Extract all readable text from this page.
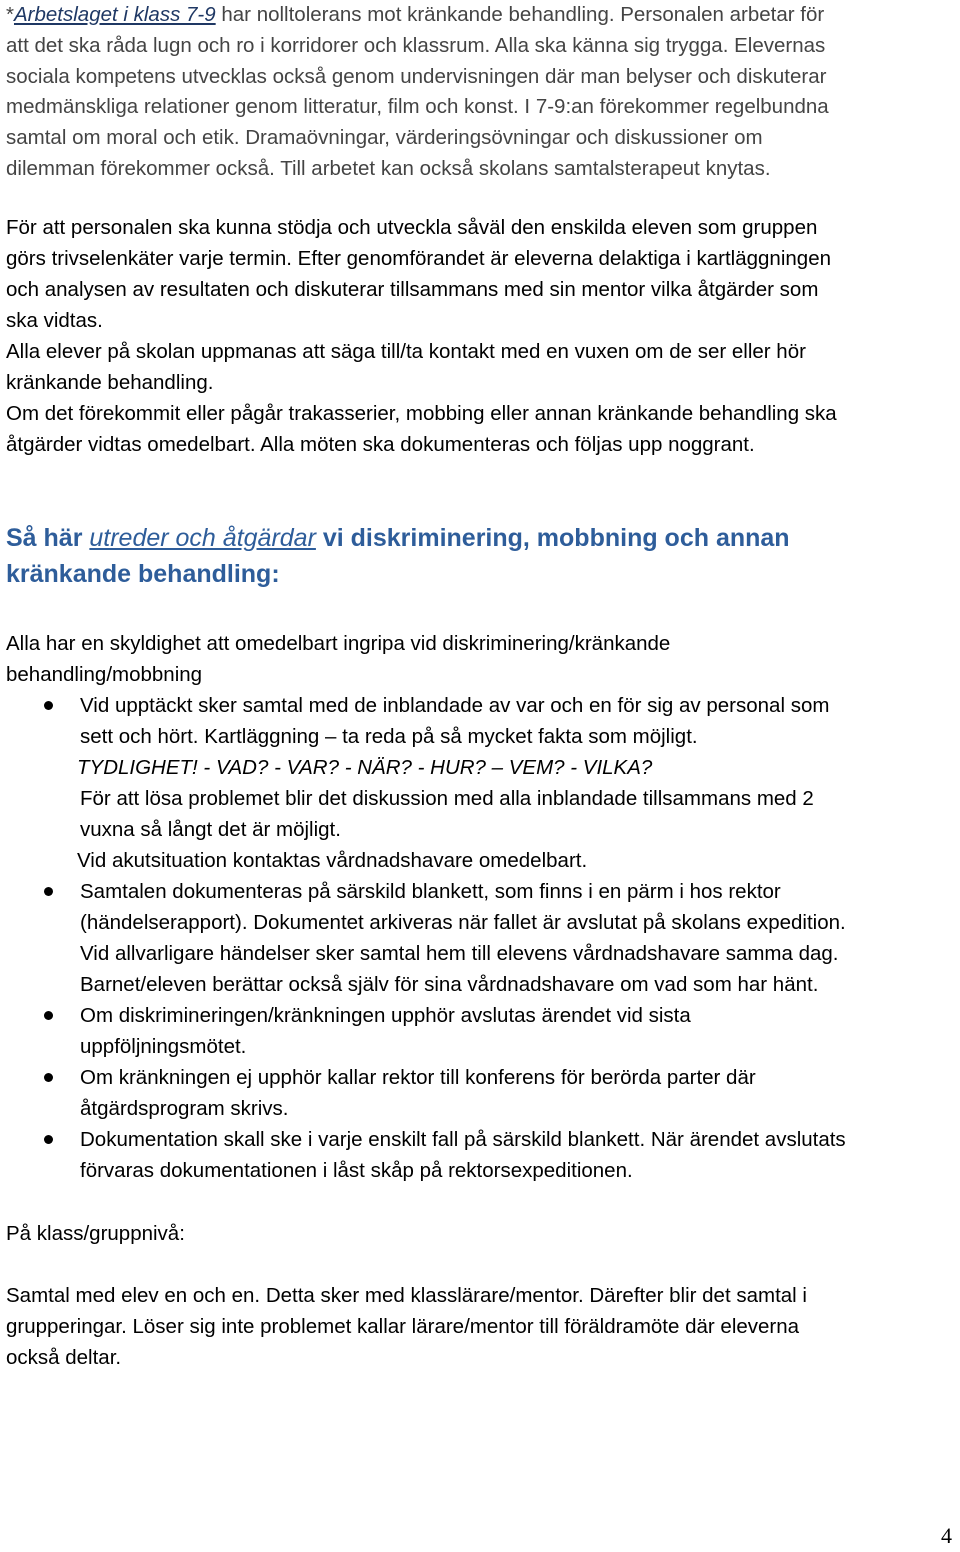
*Arbetslaget i klass 7-9 har nolltolerans mot kränkande behandling. Personalen arbetar för
att det ska råda lugn och ro i korridorer och klassrum. Alla ska känna sig trygga. Elevernas
sociala kompetens utvecklas också genom undervisningen där man belyser och diskuterar
medmänskliga relationer genom litteratur, film och konst. I 7-9:an förekommer regelbundna
samtal om moral och etik. Dramaövningar, värderingsövningar och diskussioner om
dilemman förekommer också. Till arbetet kan också skolans samtalsterapeut knytas.
För att personalen ska kunna stödja och utveckla såväl den enskilda eleven som gruppen
görs trivselenkäter varje termin. Efter genomförandet är eleverna delaktiga i kartläggningen
och analysen av resultaten och diskuterar tillsammans med sin mentor vilka åtgärder som
ska vidtas.
Alla elever på skolan uppmanas att säga till/ta kontakt med en vuxen om de ser eller hör
kränkande behandling.
Om det förekommit eller pågår trakasserier, mobbing eller annan kränkande behandling ska
åtgärder vidtas omedelbart. Alla möten ska dokumenteras och följas upp noggrant.
Så här utreder och åtgärdar vi diskriminering, mobbning och annan
kränkande behandling:
Alla har en skyldighet att omedelbart ingripa vid diskriminering/kränkande
behandling/mobbning
Vid upptäckt sker samtal med de inblandade av var och en för sig av personal som
sett och hört. Kartläggning – ta reda på så mycket fakta som möjligt.
TYDLIGHET! - VAD? - VAR? - NÄR? - HUR? – VEM? - VILKA?
För att lösa problemet blir det diskussion med alla inblandade tillsammans med 2
vuxna så långt det är möjligt.
Vid akutsituation kontaktas vårdnadshavare omedelbart.
Samtalen dokumenteras på särskild blankett, som finns i en pärm i hos rektor
(händelserapport). Dokumentet arkiveras när fallet är avslutat på skolans expedition.
Vid allvarligare händelser sker samtal hem till elevens vårdnadshavare samma dag.
Barnet/eleven berättar också själv för sina vårdnadshavare om vad som har hänt.
Om diskrimineringen/kränkningen upphör avslutas ärendet vid sista
uppföljningsmötet.
Om kränkningen ej upphör kallar rektor till konferens för berörda parter där
åtgärdsprogram skrivs.
Dokumentation skall ske i varje enskilt fall på särskild blankett. När ärendet avslutats
förvaras dokumentationen i låst skåp på rektorsexpeditionen.
På klass/gruppnivå:
Samtal med elev en och en. Detta sker med klasslärare/mentor. Därefter blir det samtal i
grupperingar. Löser sig inte problemet kallar lärare/mentor till föräldramöte där eleverna
också deltar.
4
